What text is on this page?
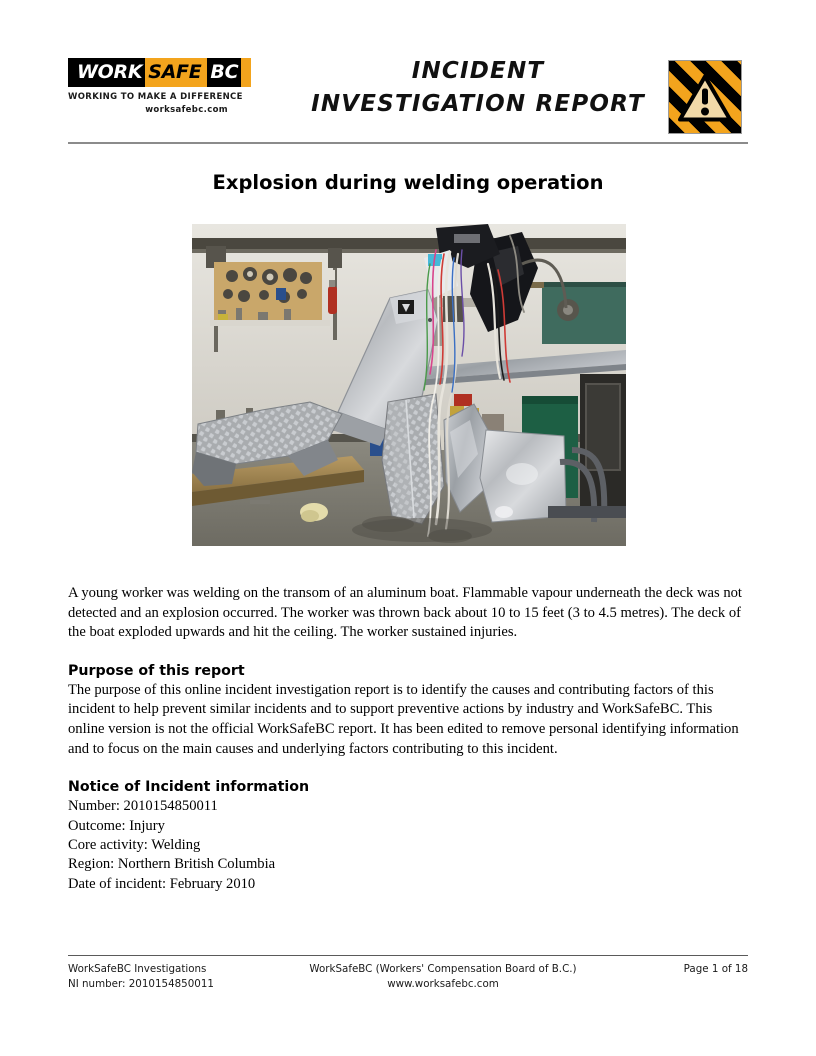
WORK SAFE BC
WORKING TO MAKE A DIFFERENCE
worksafebc.com
INCIDENT
INVESTIGATION REPORT
Explosion during welding operation

A young worker was welding on the transom of an aluminum boat. Flammable vapour underneath the deck was not detected and an explosion occurred. The worker was thrown back about 10 to 15 feet (3 to 4.5 metres). The deck of the boat exploded upwards and hit the ceiling. The worker sustained injuries.

Purpose of this report

The purpose of this online incident investigation report is to identify the causes and contributing factors of this incident to help prevent similar incidents and to support preventive actions by industry and WorkSafeBC. This online version is not the official WorkSafeBC report. It has been edited to remove personal identifying information and to focus on the main causes and underlying factors contributing to this incident.

Notice of Incident information

Number: 2010154850011

Outcome: Injury

Core activity: Welding

Region: Northern British Columbia

Date of incident: February 2010

WorkSafeBC Investigations
NI number: 2010154850011
WorkSafeBC (Workers' Compensation Board of B.C.)
www.worksafebc.com
Page 1 of 18
